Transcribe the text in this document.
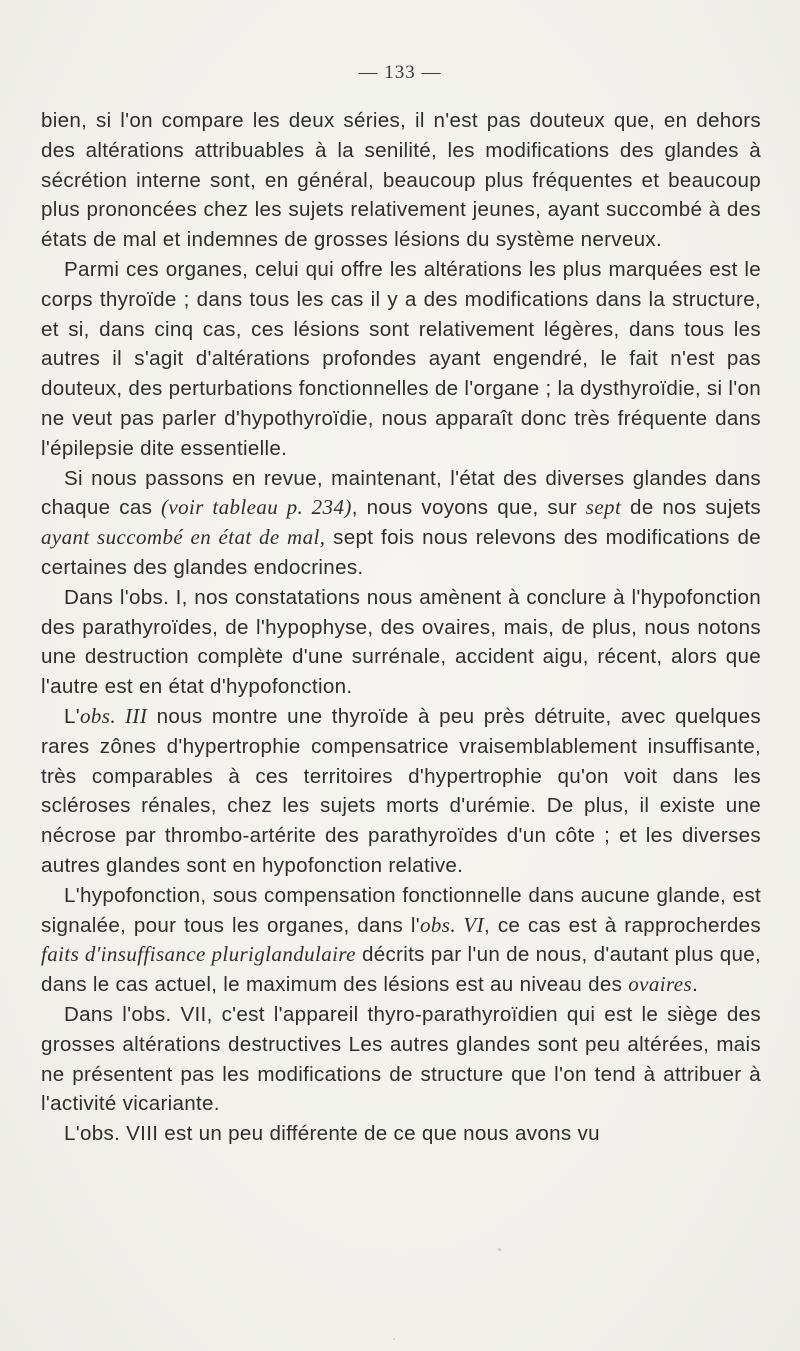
— 133 —

bien, si l'on compare les deux séries, il n'est pas douteux que, en dehors des altérations attribuables à la senilité, les modifications des glandes à sécrétion interne sont, en général, beaucoup plus fréquentes et beaucoup plus prononcées chez les sujets relativement jeunes, ayant succombé à des états de mal et indemnes de grosses lésions du système nerveux.

Parmi ces organes, celui qui offre les altérations les plus marquées est le corps thyroïde ; dans tous les cas il y a des modifications dans la structure, et si, dans cinq cas, ces lésions sont relativement légères, dans tous les autres il s'agit d'altérations profondes ayant engendré, le fait n'est pas douteux, des perturbations fonctionnelles de l'organe ; la dysthyroïdie, si l'on ne veut pas parler d'hypothyroïdie, nous apparaît donc très fréquente dans l'épilepsie dite essentielle.

Si nous passons en revue, maintenant, l'état des diverses glandes dans chaque cas (voir tableau p. 234), nous voyons que, sur sept de nos sujets ayant succombé en état de mal, sept fois nous relevons des modifications de certaines des glandes endocrines.

Dans l'obs. I, nos constatations nous amènent à conclure à l'hypofonction des parathyroïdes, de l'hypophyse, des ovaires, mais, de plus, nous notons une destruction complète d'une surrénale, accident aigu, récent, alors que l'autre est en état d'hypofonction.

L'obs. III nous montre une thyroïde à peu près détruite, avec quelques rares zônes d'hypertrophie compensatrice vraisemblablement insuffisante, très comparables à ces territoires d'hypertrophie qu'on voit dans les scléroses rénales, chez les sujets morts d'urémie. De plus, il existe une nécrose par thrombo-artérite des parathyroïdes d'un côte ; et les diverses autres glandes sont en hypofonction relative.

L'hypofonction, sous compensation fonctionnelle dans aucune glande, est signalée, pour tous les organes, dans l'obs. VI, ce cas est à rapprocherdes faits d'insuffisance pluriglandulaire décrits par l'un de nous, d'autant plus que, dans le cas actuel, le maximum des lésions est au niveau des ovaires.

Dans l'obs. VII, c'est l'appareil thyro-parathyroïdien qui est le siège des grosses altérations destructives Les autres glandes sont peu altérées, mais ne présentent pas les modifications de structure que l'on tend à attribuer à l'activité vicariante.

L'obs. VIII est un peu différente de ce que nous avons vu
